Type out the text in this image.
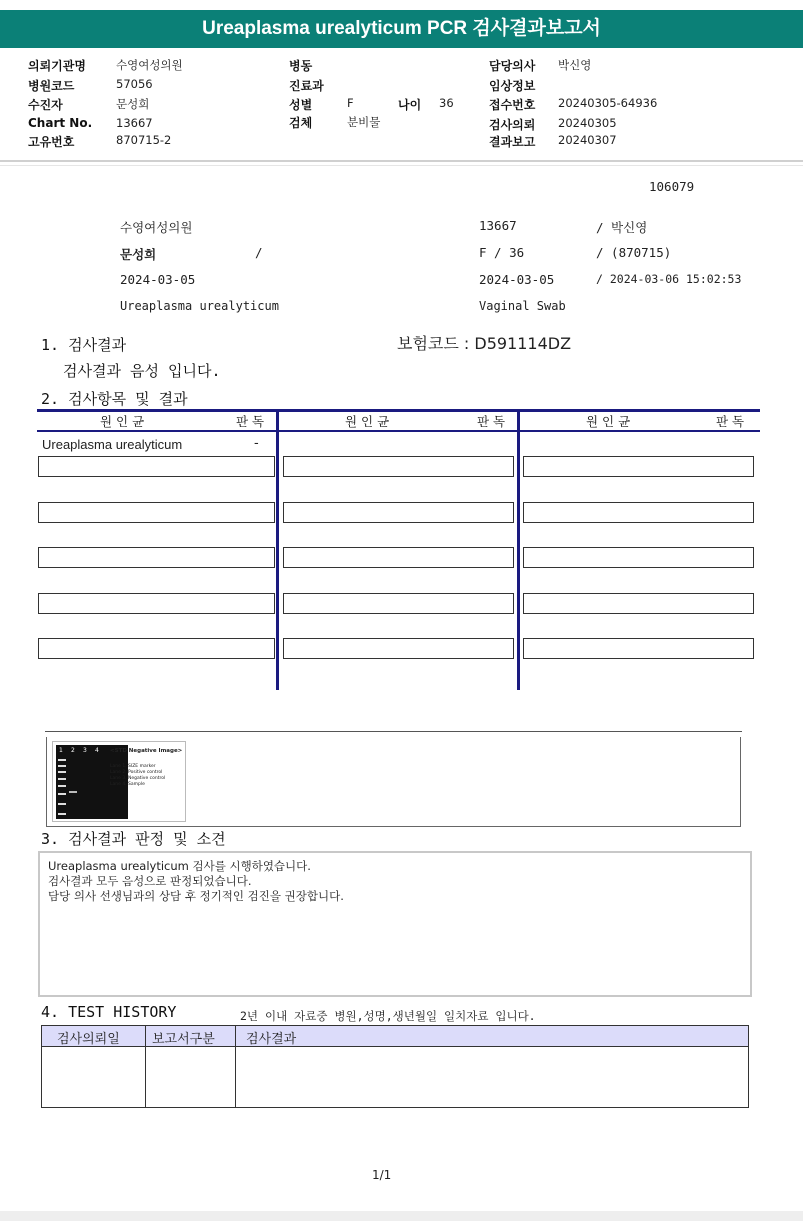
Ureaplasma urealyticum PCR 검사결과보고서
의뢰기관명	수영여성의원
병원코드	57056
수진자	문성희
Chart No. 13667
고유번호	870715-2
병동
진료과
성별	F	나이 36
검체	분비물
담당의사 박신영
임상정보
접수번호 20240305-64936
검사의뢰 20240305
결과보고 20240307
106079
수영여성의원	13667	/ 박신영
문성희	/	F / 36	/ (870715)
2024-03-05	2024-03-05	/ 2024-03-06 15:02:53
Ureaplasma urealyticum	Vaginal Swab
1. 검사결과	보험코드 : D591114DZ
검사결과 음성 입니다.
2. 검사항목 및 결과
원 인 균	판 독	원 인 균	판 독	원 인 균	판 독
Ureaplasma urealyticum	-
1 2 3 4 <STD Negative Image>
Lane 1. SIZE marker
Lane 2. Positive control
Lane 3. Negative control
Lane 4. Sample
3. 검사결과 판정 및 소견
Ureaplasma urealyticum 검사를 시행하였습니다.
검사결과 모두 음성으로 판정되었습니다.
담당 의사 선생님과의 상담 후 정기적인 검진을 권장합니다.
4. TEST HISTORY	2년 이내 자료중 병원,성명,생년월일 일치자료 입니다.
검사의뢰일 보고서구분 검사결과
1/1
